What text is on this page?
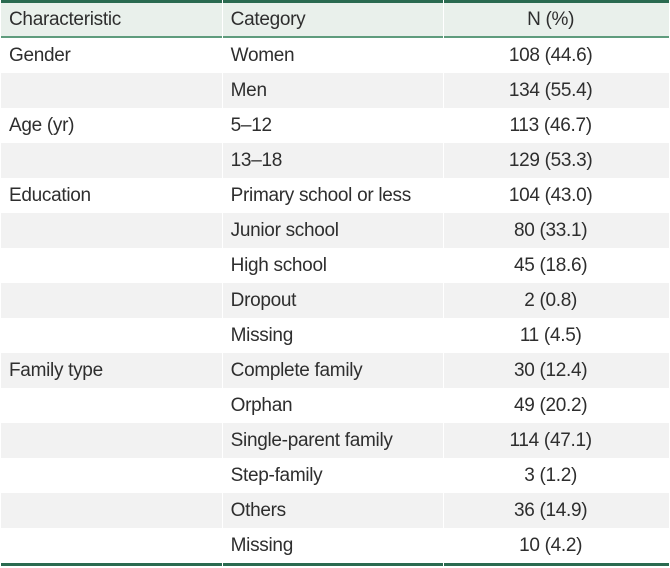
Characteristic	Category	N (%)
Gender	Women	108 (44.6)
	Men	134 (55.4)
Age (yr)	5–12	113 (46.7)
	13–18	129 (53.3)
Education	Primary school or less	104 (43.0)
	Junior school	80 (33.1)
	High school	45 (18.6)
	Dropout	2 (0.8)
	Missing	11 (4.5)
Family type	Complete family	30 (12.4)
	Orphan	49 (20.2)
	Single-parent family	114 (47.1)
	Step-family	3 (1.2)
	Others	36 (14.9)
	Missing	10 (4.2)
